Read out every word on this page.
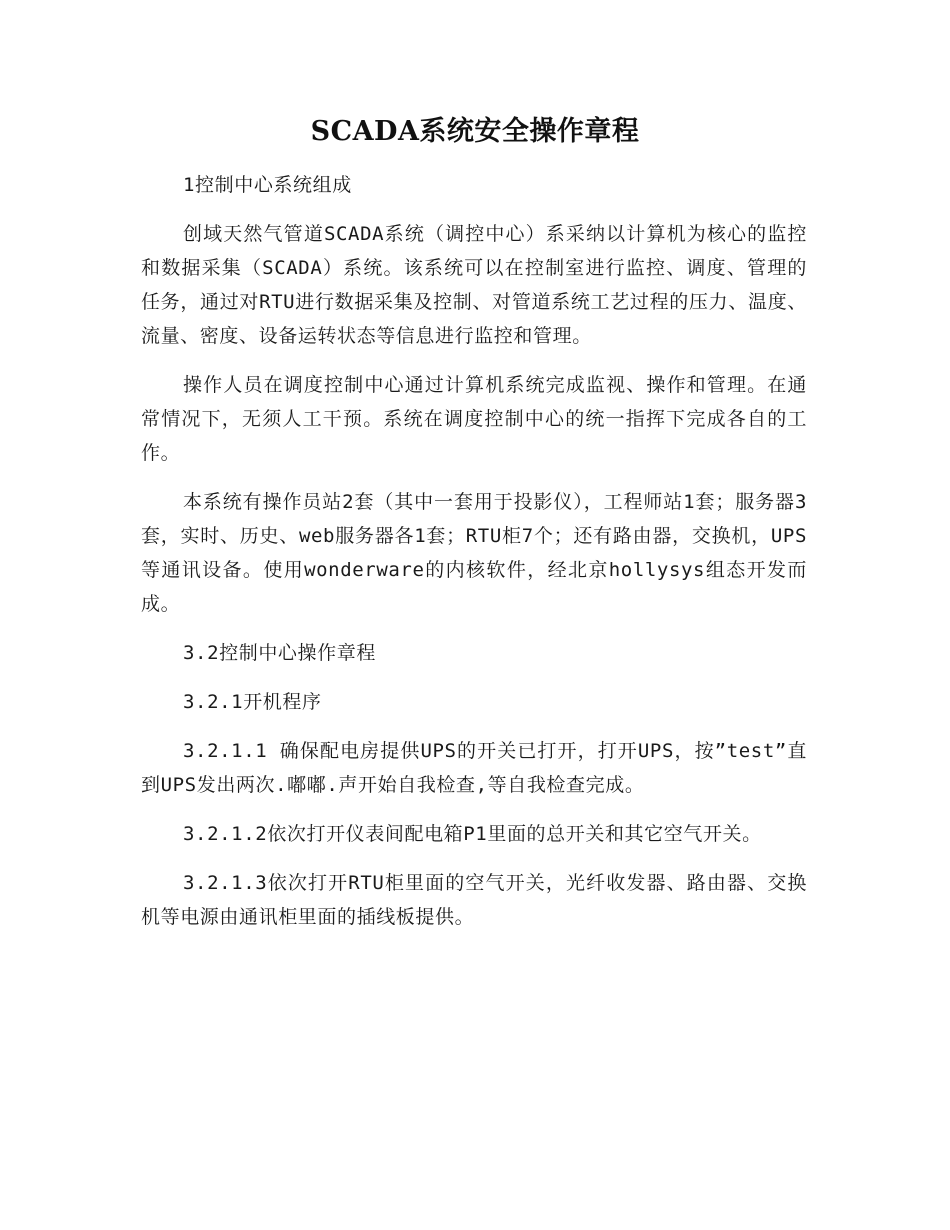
SCADA系统安全操作章程

1控制中心系统组成

创域天然气管道SCADA系统（调控中心）系采纳以计算机为核心的监控和数据采集（SCADA）系统。该系统可以在控制室进行监控、调度、管理的任务，通过对RTU进行数据采集及控制、对管道系统工艺过程的压力、温度、流量、密度、设备运转状态等信息进行监控和管理。

操作人员在调度控制中心通过计算机系统完成监视、操作和管理。在通常情况下，无须人工干预。系统在调度控制中心的统一指挥下完成各自的工作。

本系统有操作员站2套（其中一套用于投影仪），工程师站1套；服务器3套，实时、历史、web服务器各1套；RTU柜7个；还有路由器，交换机，UPS等通讯设备。使用wonderware的内核软件，经北京hollysys组态开发而成。

3.2控制中心操作章程

3.2.1开机程序

3.2.1.1 确保配电房提供UPS的开关已打开，打开UPS，按”test”直到UPS发出两次.嘟嘟.声开始自我检查,等自我检查完成。

3.2.1.2依次打开仪表间配电箱P1里面的总开关和其它空气开关。

3.2.1.3依次打开RTU柜里面的空气开关，光纤收发器、路由器、交换机等电源由通讯柜里面的插线板提供。
